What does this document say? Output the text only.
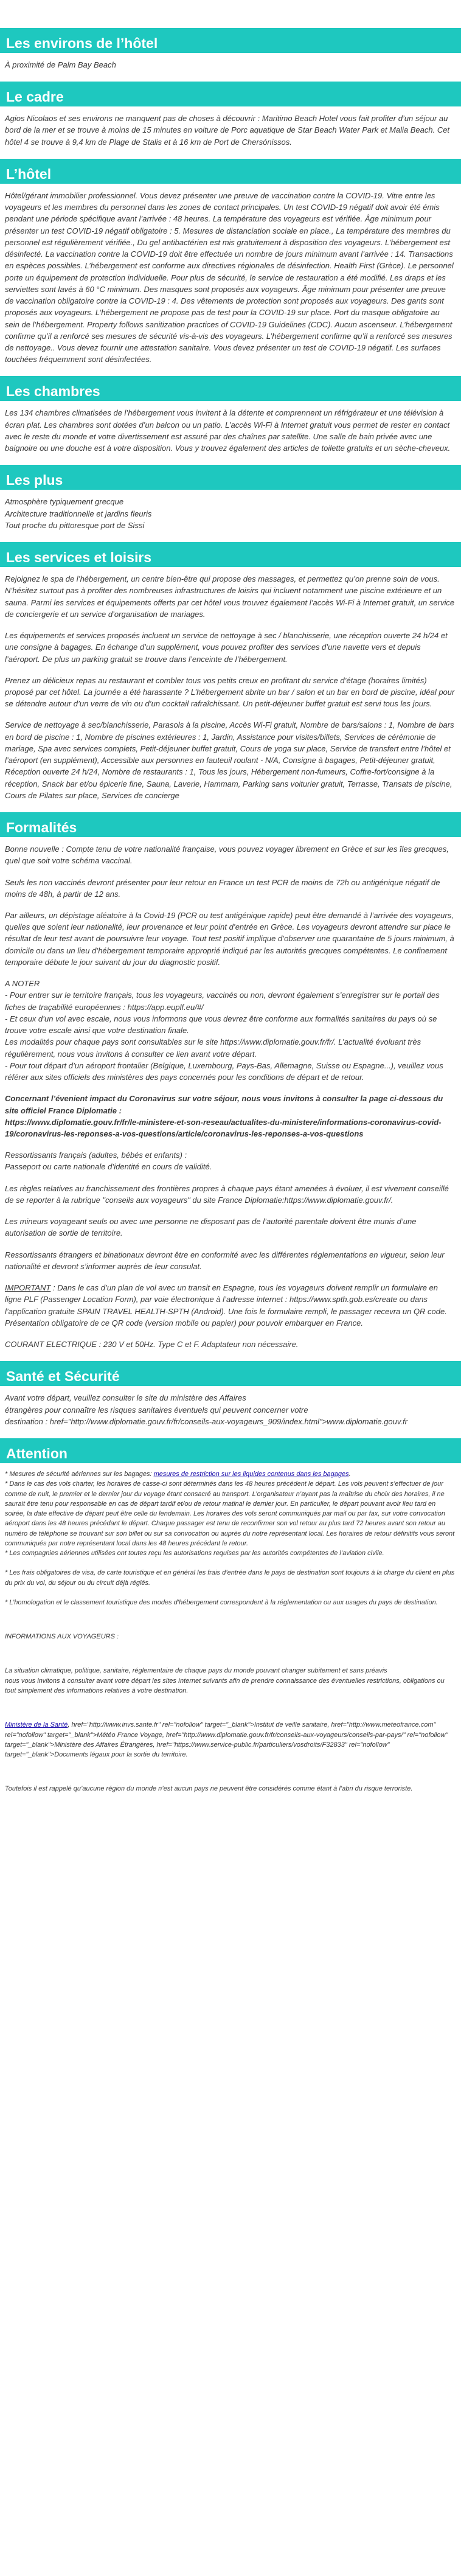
Les environs de l’hôtel

À proximité de Palm Bay Beach

Le cadre

Agios Nicolaos et ses environs ne manquent pas de choses à découvrir : Maritimo Beach Hotel vous fait profiter d’un séjour au bord de la mer et se trouve à moins de 15 minutes en voiture de Porc aquatique de Star Beach Water Park et Malia Beach. Cet hôtel 4 se trouve à 9,4 km de Plage de Stalis et à 16 km de Port de Chersónissos.

L’hôtel

Hôtel/gérant immobilier professionnel. Vous devez présenter une preuve de vaccination contre la COVID-19. Vitre entre les voyageurs et les membres du personnel dans les zones de contact principales. Un test COVID-19 négatif doit avoir été émis pendant une période spécifique avant l’arrivée : 48 heures. La température des voyageurs est vérifiée. Âge minimum pour présenter un test COVID-19 négatif obligatoire : 5. Mesures de distanciation sociale en place., La température des membres du personnel est régulièrement vérifiée., Du gel antibactérien est mis gratuitement à disposition des voyageurs. L’hébergement est désinfecté. La vaccination contre la COVID-19 doit être effectuée un nombre de jours minimum avant l’arrivée : 14. Transactions en espèces possibles. L’hébergement est conforme aux directives régionales de désinfection. Health First (Grèce). Le personnel porte un équipement de protection individuelle. Pour plus de sécurité, le service de restauration a été modifié. Les draps et les serviettes sont lavés à 60 °C minimum. Des masques sont proposés aux voyageurs. Âge minimum pour présenter une preuve de vaccination obligatoire contre la COVID-19 : 4. Des vêtements de protection sont proposés aux voyageurs. Des gants sont proposés aux voyageurs. L’hébergement ne propose pas de test pour la COVID-19 sur place. Port du masque obligatoire au sein de l’hébergement. Property follows sanitization practices of COVID-19 Guidelines (CDC). Aucun ascenseur. L’hébergement confirme qu’il a renforcé ses mesures de sécurité vis-à-vis des voyageurs. L’hébergement confirme qu’il a renforcé ses mesures de nettoyage.. Vous devez fournir une attestation sanitaire. Vous devez présenter un test de COVID-19 négatif. Les surfaces touchées fréquemment sont désinfectées.

Les chambres

Les 134 chambres climatisées de l’hébergement vous invitent à la détente et comprennent un réfrigérateur et une télévision à écran plat. Les chambres sont dotées d’un balcon ou un patio. L’accès Wi-Fi à Internet gratuit vous permet de rester en contact avec le reste du monde et votre divertissement est assuré par des chaînes par satellite. Une salle de bain privée avec une baignoire ou une douche est à votre disposition. Vous y trouvez également des articles de toilette gratuits et un sèche-cheveux.

Les plus
Atmosphère typiquement grecque
Architecture traditionnelle et jardins fleuris
Tout proche du pittoresque port de Sissi
Les services et loisirs

Rejoignez le spa de l’hébergement, un centre bien-être qui propose des massages, et permettez qu’on prenne soin de vous. N’hésitez surtout pas à profiter des nombreuses infrastructures de loisirs qui incluent notamment une piscine extérieure et un sauna. Parmi les services et équipements offerts par cet hôtel vous trouvez également l’accès Wi-Fi à Internet gratuit, un service de conciergerie et un service d’organisation de mariages.

Les équipements et services proposés incluent un service de nettoyage à sec / blanchisserie, une réception ouverte 24 h/24 et une consigne à bagages. En échange d’un supplément, vous pouvez profiter des services d’une navette vers et depuis l’aéroport. De plus un parking gratuit se trouve dans l’enceinte de l’hébergement.

Prenez un délicieux repas au restaurant et combler tous vos petits creux en profitant du service d’étage (horaires limités) proposé par cet hôtel. La journée a été harassante ? L’hébergement abrite un bar / salon et un bar en bord de piscine, idéal pour se détendre autour d’un verre de vin ou d’un cocktail rafraîchissant. Un petit-déjeuner buffet gratuit est servi tous les jours.

Service de nettoyage à sec/blanchisserie, Parasols à la piscine, Accès Wi-Fi gratuit, Nombre de bars/salons : 1, Nombre de bars en bord de piscine : 1, Nombre de piscines extérieures : 1, Jardin, Assistance pour visites/billets, Services de cérémonie de mariage, Spa avec services complets, Petit-déjeuner buffet gratuit, Cours de yoga sur place, Service de transfert entre l’hôtel et l’aéroport (en supplément), Accessible aux personnes en fauteuil roulant - N/A, Consigne à bagages, Petit-déjeuner gratuit, Réception ouverte 24 h/24, Nombre de restaurants : 1, Tous les jours, Hébergement non-fumeurs, Coffre-fort/consigne à la réception, Snack bar et/ou épicerie fine, Sauna, Laverie, Hammam, Parking sans voiturier gratuit, Terrasse, Transats de piscine, Cours de Pilates sur place, Services de concierge

Formalités

Bonne nouvelle : Compte tenu de votre nationalité française, vous pouvez voyager librement en Grèce et sur les îles grecques, quel que soit votre schéma vaccinal.

Seuls les non vaccinés devront présenter pour leur retour en France un test PCR de moins de 72h ou antigénique négatif de moins de 48h, à partir de 12 ans.

Par ailleurs, un dépistage aléatoire à la Covid-19 (PCR ou test antigénique rapide) peut être demandé à l’arrivée des voyageurs, quelles que soient leur nationalité, leur provenance et leur point d’entrée en Grèce. Les voyageurs devront attendre sur place le résultat de leur test avant de poursuivre leur voyage. Tout test positif implique d’observer une quarantaine de 5 jours minimum, à domicile ou dans un lieu d’hébergement temporaire approprié indiqué par les autorités grecques compétentes. Le confinement temporaire débute le jour suivant du jour du diagnostic positif.

A NOTER
- Pour entrer sur le territoire français, tous les voyageurs, vaccinés ou non, devront également s’enregistrer sur le portail des fiches de traçabilité européennes : https://app.euplf.eu/#/
- Et ceux d’un vol avec escale, nous vous informons que vous devrez être conforme aux formalités sanitaires du pays où se trouve votre escale ainsi que votre destination finale.
Les modalités pour chaque pays sont consultables sur le site https://www.diplomatie.gouv.fr/fr/. L’actualité évoluant très régulièrement, nous vous invitons à consulter ce lien avant votre départ.
- Pour tout départ d’un aéroport frontalier (Belgique, Luxembourg, Pays-Bas, Allemagne, Suisse ou Espagne...), veuillez vous référer aux sites officiels des ministères des pays concernés pour les conditions de départ et de retour.

Concernant l’évenient impact du Coronavirus sur votre séjour, nous vous invitons à consulter la page ci-dessous du site officiel France Diplomatie :
https://www.diplomatie.gouv.fr/fr/le-ministere-et-son-reseau/actualites-du-ministere/informations-coronavirus-covid-19/coronavirus-les-reponses-a-vos-questions/article/coronavirus-les-reponses-a-vos-questions

Ressortissants français (adultes, bébés et enfants) :
Passeport ou carte nationale d’identité en cours de validité.

Les règles relatives au franchissement des frontières propres à chaque pays étant amenées à évoluer, il est vivement conseillé de se reporter à la rubrique "conseils aux voyageurs" du site France Diplomatie:https://www.diplomatie.gouv.fr/.

Les mineurs voyageant seuls ou avec une personne ne disposant pas de l’autorité parentale doivent être munis d’une autorisation de sortie de territoire.

Ressortissants étrangers et binationaux devront être en conformité avec les différentes réglementations en vigueur, selon leur nationalité et devront s’informer auprès de leur consulat.

IMPORTANT : Dans le cas d’un plan de vol avec un transit en Espagne, tous les voyageurs doivent remplir un formulaire en ligne PLF (Passenger Location Form), par voie électronique à l’adresse internet : https://www.spth.gob.es/create ou dans l’application gratuite SPAIN TRAVEL HEALTH-SPTH (Android). Une fois le formulaire rempli, le passager recevra un QR code. Présentation obligatoire de ce QR code (version mobile ou papier) pour pouvoir embarquer en France.

COURANT ELECTRIQUE : 230 V et 50Hz. Type C et F. Adaptateur non nécessaire.

Santé et Sécurité

Avant votre départ, veuillez consulter le site du ministère des Affaires
étrangères pour connaître les risques sanitaires éventuels qui peuvent concerner votre
destination : href="http://www.diplomatie.gouv.fr/fr/conseils-aux-voyageurs_909/index.html">www.diplomatie.gouv.fr

Attention

* Mesures de sécurité aériennes sur les bagages: mesures de restriction sur les liquides contenus dans les bagages.
* Dans le cas des vols charter, les horaires de casse-ci sont déterminés dans les 48 heures précédent le départ. Les vols peuvent s’effectuer de jour comme de nuit, le premier et le dernier jour du voyage étant consacré au transport. L’organisateur n’ayant pas la maîtrise du choix des horaires, il ne saurait être tenu pour responsable en cas de départ tardif et/ou de retour matinal le dernier jour. En particulier, le départ pouvant avoir lieu tard en soirée, la date effective de départ peut être celle du lendemain. Les horaires des vols seront communiqués par mail ou par fax, sur votre convocation aéroport dans les 48 heures précédant le départ. Chaque passager est tenu de reconfirmer son vol retour au plus tard 72 heures avant son retour au numéro de téléphone se trouvant sur son billet ou sur sa convocation ou auprès du notre représentant local. Les horaires de retour définitifs vous seront communiqués par notre représentant local dans les 48 heures précédant le retour.
* Les compagnies aériennes utilisées ont toutes reçu les autorisations requises par les autorités compétentes de l’aviation civile.

* Les frais obligatoires de visa, de carte touristique et en général les frais d’entrée dans le pays de destination sont toujours à la charge du client en plus du prix du vol, du séjour ou du circuit déjà réglés.

* L’homologation et le classement touristique des modes d’hébergement correspondent à la réglementation ou aux usages du pays de destination.

INFORMATIONS AUX VOYAGEURS :

La situation climatique, politique, sanitaire, réglementaire de chaque pays du monde pouvant changer subitement et sans préavis
nous vous invitons à consulter avant votre départ les sites Internet suivants afin de prendre connaissance des éventuelles restrictions, obligations ou tout simplement des informations relatives à votre destination.

Ministère de la Santé, href="http://www.invs.sante.fr" rel="nofollow" target="_blank">Institut de veille sanitaire, href="http://www.meteofrance.com" rel="nofollow" target="_blank">Météo France Voyage, href="http://www.diplomatie.gouv.fr/fr/conseils-aux-voyageurs/conseils-par-pays/" rel="nofollow" target="_blank">Ministère des Affaires Étrangères, href="https://www.service-public.fr/particuliers/vosdroits/F32833" rel="nofollow" target="_blank">Documents légaux pour la sortie du territoire.

Toutefois il est rappelé qu’aucune région du monde n’est aucun pays ne peuvent être considérés comme étant à l’abri du risque terroriste.
